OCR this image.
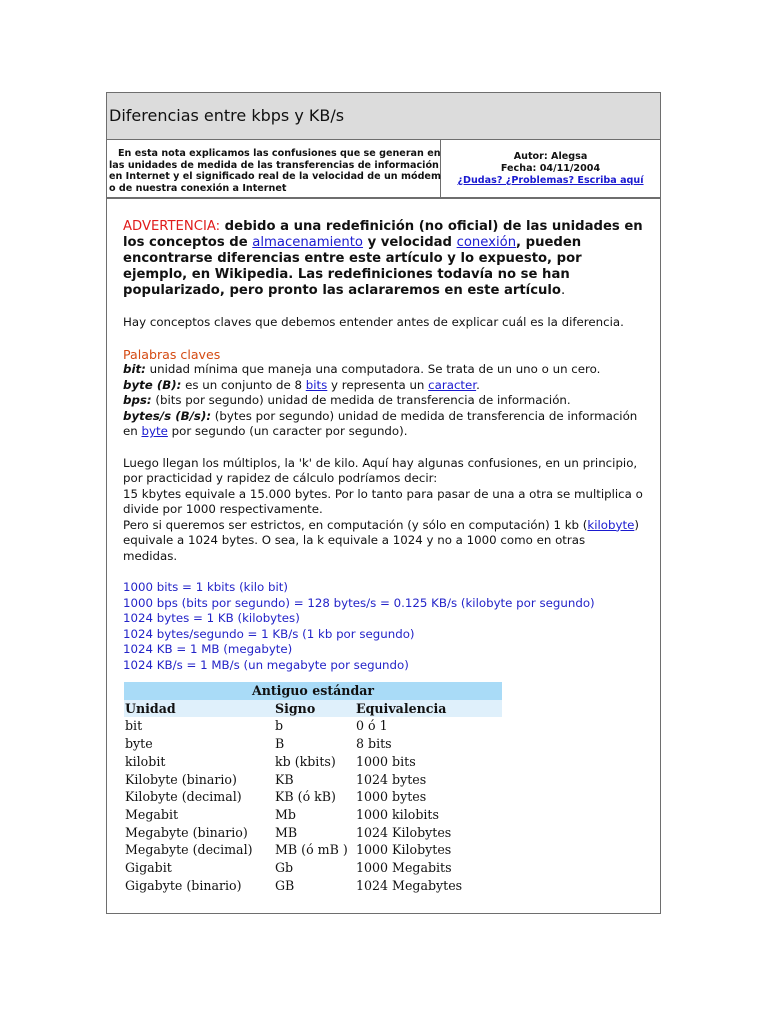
Diferencias entre kbps y KB/s
En esta nota explicamos las confusiones que se generan en
las unidades de medida de las transferencias de información
en Internet y el significado real de la velocidad de un módem
o de nuestra conexión a Internet
Autor: Alegsa
Fecha: 04/11/2004
¿Dudas? ¿Problemas? Escriba aquí

ADVERTENCIA: debido a una redefinición (no oficial) de las unidades en los conceptos de almacenamiento y velocidad conexión, pueden encontrarse diferencias entre este artículo y lo expuesto, por ejemplo, en Wikipedia. Las redefiniciones todavía no se han popularizado, pero pronto las aclararemos en este artículo.

Hay conceptos claves que debemos entender antes de explicar cuál es la diferencia.

Palabras claves

bit: unidad mínima que maneja una computadora. Se trata de un uno o un cero.

byte (B): es un conjunto de 8 bits y representa un caracter.

bps: (bits por segundo) unidad de medida de transferencia de información.

bytes/s (B/s): (bytes por segundo) unidad de medida de transferencia de información en byte por segundo (un caracter por segundo).

Luego llegan los múltiplos, la 'k' de kilo. Aquí hay algunas confusiones, en un principio, por practicidad y rapidez de cálculo podríamos decir:

15 kbytes equivale a 15.000 bytes. Por lo tanto para pasar de una a otra se multiplica o divide por 1000 respectivamente.

Pero si queremos ser estrictos, en computación (y sólo en computación) 1 kb (kilobyte)

equivale a 1024 bytes. O sea, la k equivale a 1024 y no a 1000 como en otras medidas.

1000 bits = 1 kbits (kilo bit)
1000 bps (bits por segundo) = 128 bytes/s = 0.125 KB/s (kilobyte por segundo)
1024 bytes = 1 KB (kilobytes)
1024 bytes/segundo = 1 KB/s (1 kb por segundo)
1024 KB = 1 MB (megabyte)
1024 KB/s = 1 MB/s (un megabyte por segundo)
Antiguo estándar		
Unidad	Signo	Equivalencia
bit	b	0 ó 1
byte	B	8 bits
kilobit	kb (kbits)	1000 bits
Kilobyte (binario)	KB	1024 bytes
Kilobyte (decimal)	KB (ó kB)	1000 bytes
Megabit	Mb	1000 kilobits
Megabyte (binario)	MB	1024 Kilobytes
Megabyte (decimal)	MB (ó mB )	1000 Kilobytes
Gigabit	Gb	1000 Megabits
Gigabyte (binario)	GB	1024 Megabytes
